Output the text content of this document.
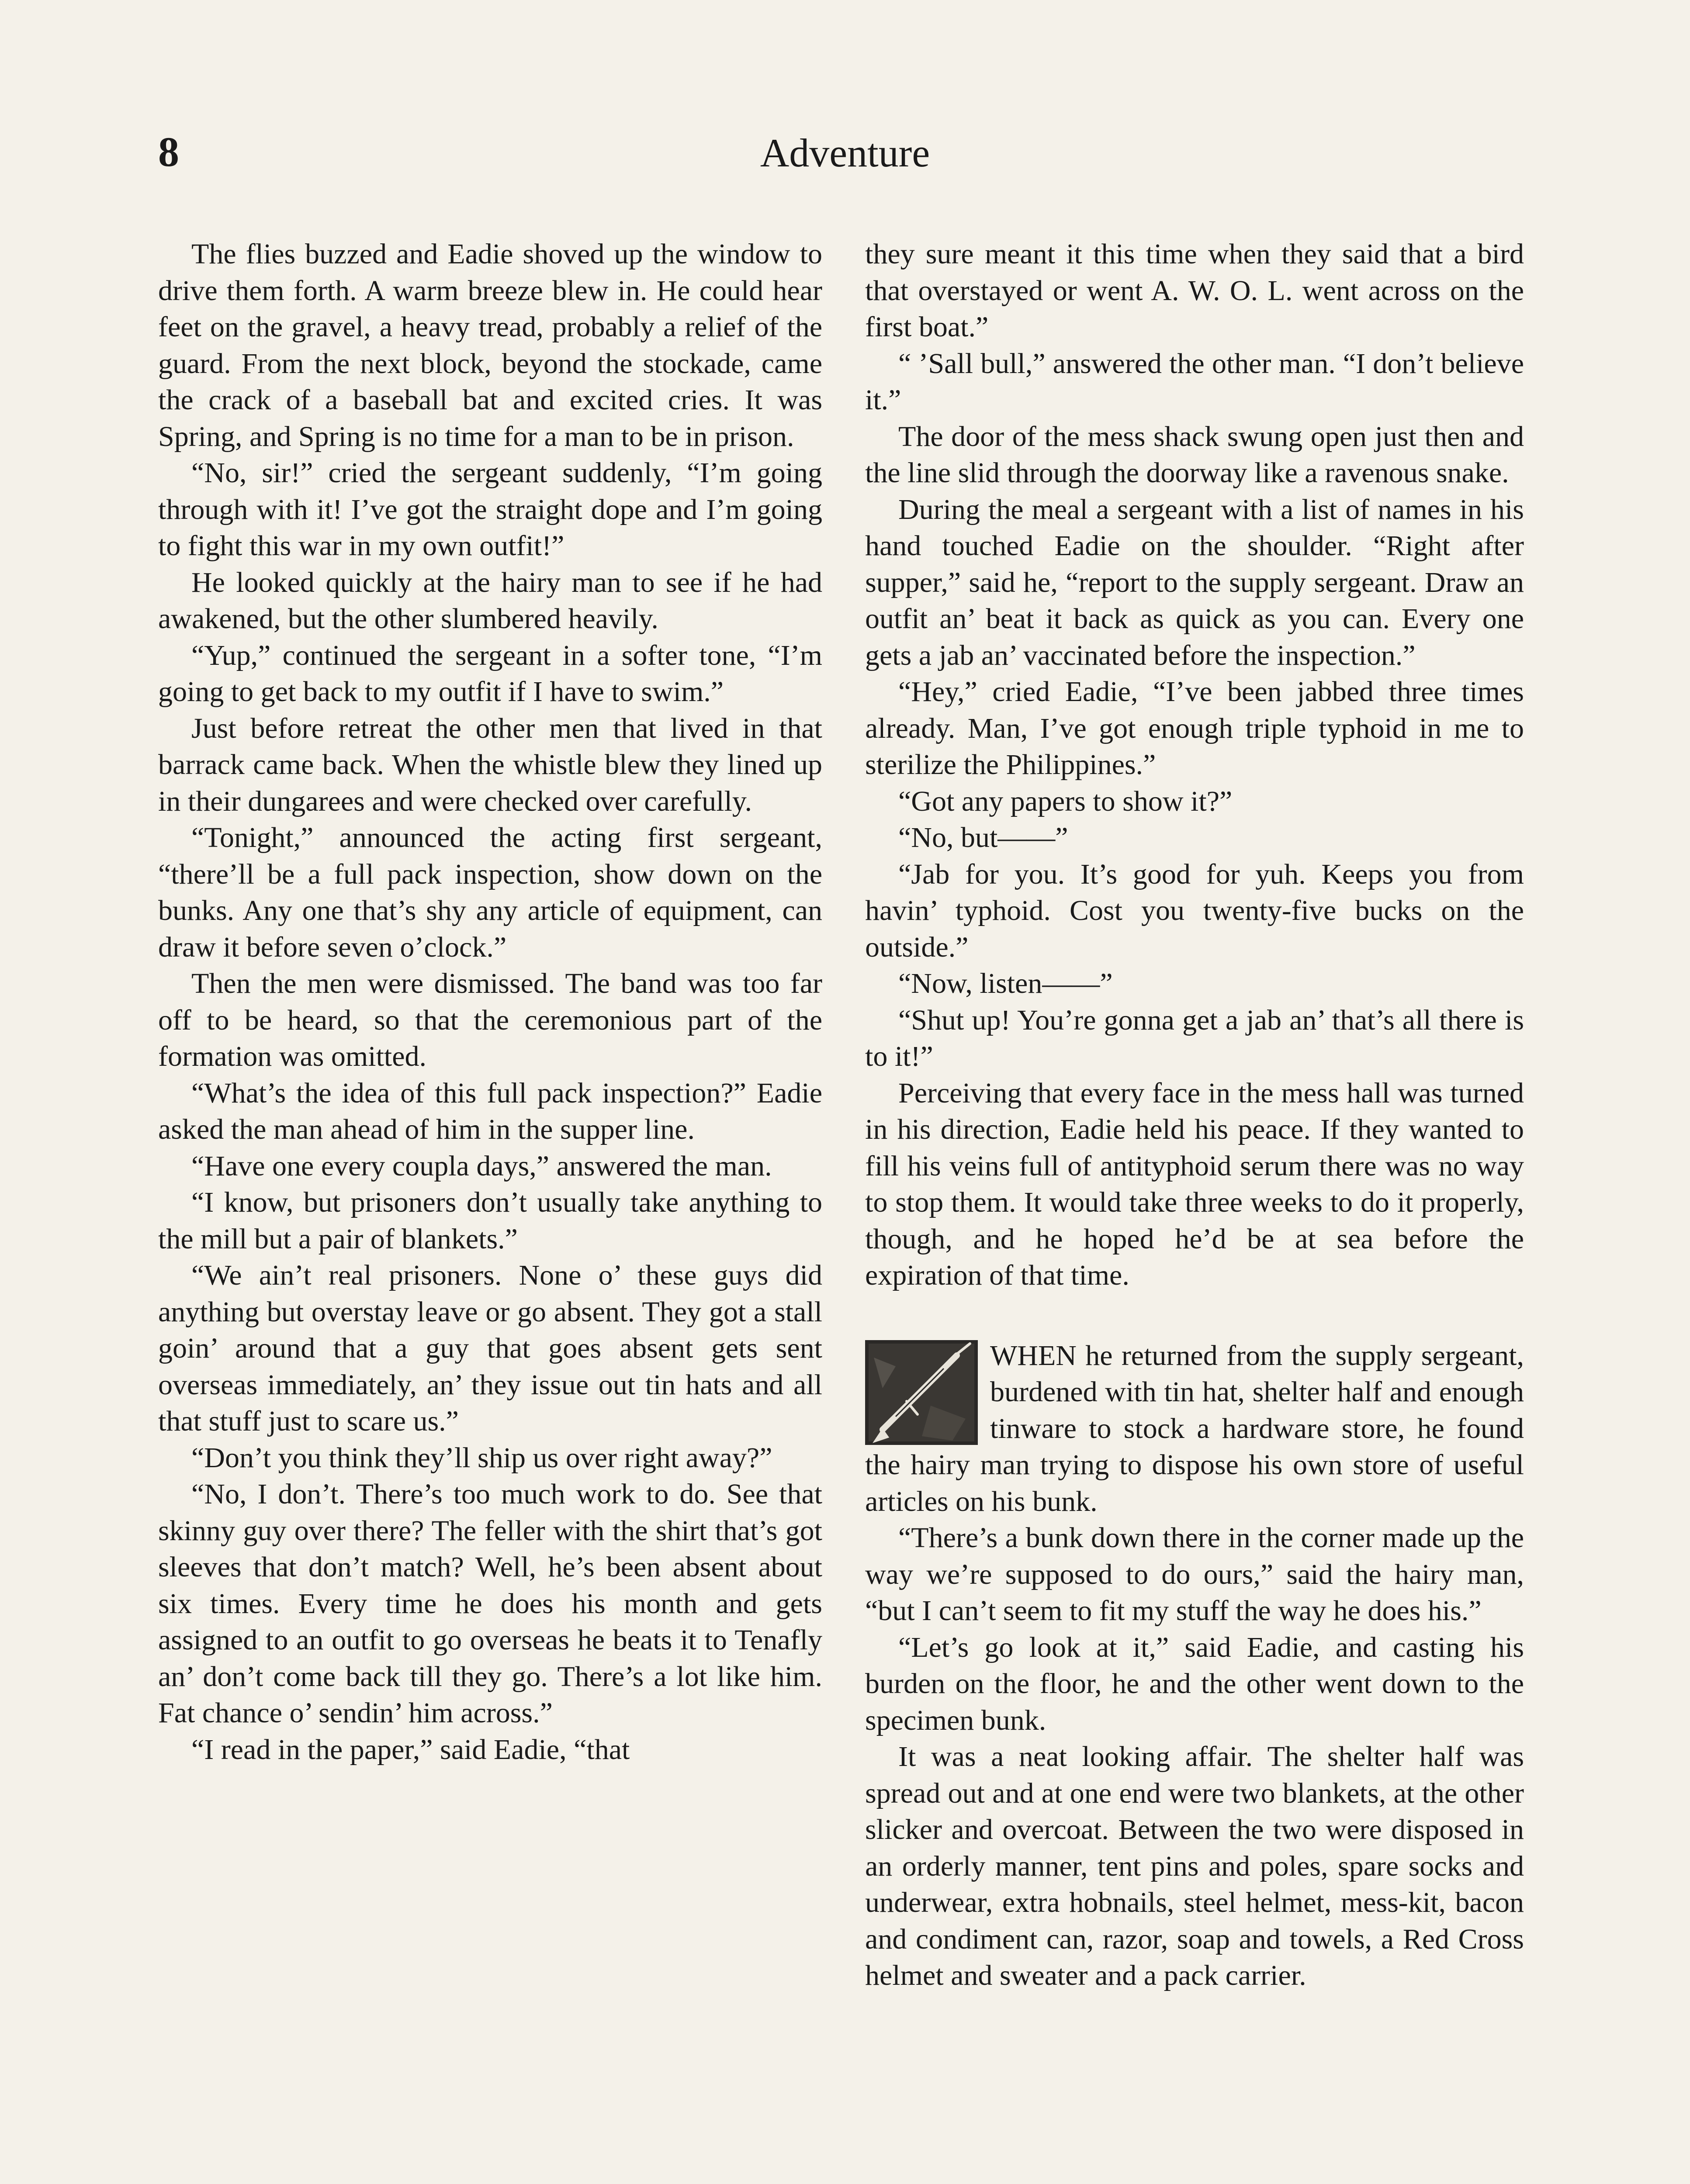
8	Adventure

The flies buzzed and Eadie shoved up the window to drive them forth. A warm breeze blew in. He could hear feet on the gravel, a heavy tread, probably a relief of the guard. From the next block, beyond the stockade, came the crack of a baseball bat and excited cries. It was Spring, and Spring is no time for a man to be in prison.

“No, sir!” cried the sergeant suddenly, “I’m going through with it! I’ve got the straight dope and I’m going to fight this war in my own outfit!”

He looked quickly at the hairy man to see if he had awakened, but the other slumbered heavily.

“Yup,” continued the sergeant in a softer tone, “I’m going to get back to my outfit if I have to swim.”

Just before retreat the other men that lived in that barrack came back. When the whistle blew they lined up in their dungarees and were checked over carefully.

“Tonight,” announced the acting first sergeant, “there’ll be a full pack inspection, show down on the bunks. Any one that’s shy any article of equipment, can draw it before seven o’clock.”

Then the men were dismissed. The band was too far off to be heard, so that the ceremonious part of the formation was omitted.

“What’s the idea of this full pack inspection?” Eadie asked the man ahead of him in the supper line.

“Have one every coupla days,” answered the man.

“I know, but prisoners don’t usually take anything to the mill but a pair of blankets.”

“We ain’t real prisoners. None o’ these guys did anything but overstay leave or go absent. They got a stall goin’ around that a guy that goes absent gets sent overseas immediately, an’ they issue out tin hats and all that stuff just to scare us.”

“Don’t you think they’ll ship us over right away?”

“No, I don’t. There’s too much work to do. See that skinny guy over there? The feller with the shirt that’s got sleeves that don’t match? Well, he’s been absent about six times. Every time he does his month and gets assigned to an outfit to go overseas he beats it to Tenafly an’ don’t come back till they go. There’s a lot like him. Fat chance o’ sendin’ him across.”

“I read in the paper,” said Eadie, “that

they sure meant it this time when they said that a bird that overstayed or went A. W. O. L. went across on the first boat.”

“ ’Sall bull,” answered the other man. “I don’t believe it.”

The door of the mess shack swung open just then and the line slid through the doorway like a ravenous snake.

During the meal a sergeant with a list of names in his hand touched Eadie on the shoulder. “Right after supper,” said he, “report to the supply sergeant. Draw an outfit an’ beat it back as quick as you can. Every one gets a jab an’ vaccinated before the inspection.”

“Hey,” cried Eadie, “I’ve been jabbed three times already. Man, I’ve got enough triple typhoid in me to sterilize the Philippines.”

“Got any papers to show it?”

“No, but——”

“Jab for you. It’s good for yuh. Keeps you from havin’ typhoid. Cost you twenty-five bucks on the outside.”

“Now, listen——”

“Shut up! You’re gonna get a jab an’ that’s all there is to it!”

Perceiving that every face in the mess hall was turned in his direction, Eadie held his peace. If they wanted to fill his veins full of antityphoid serum there was no way to stop them. It would take three weeks to do it properly, though, and he hoped he’d be at sea before the expiration of that time.

WHEN he returned from the supply sergeant, burdened with tin hat, shelter half and enough tinware to stock a hardware store, he found the hairy man trying to dispose his own store of useful articles on his bunk.

“There’s a bunk down there in the corner made up the way we’re supposed to do ours,” said the hairy man, “but I can’t seem to fit my stuff the way he does his.”

“Let’s go look at it,” said Eadie, and casting his burden on the floor, he and the other went down to the specimen bunk.

It was a neat looking affair. The shelter half was spread out and at one end were two blankets, at the other slicker and overcoat. Between the two were disposed in an orderly manner, tent pins and poles, spare socks and underwear, extra hobnails, steel helmet, mess-kit, bacon and condiment can, razor, soap and towels, a Red Cross helmet and sweater and a pack carrier.
